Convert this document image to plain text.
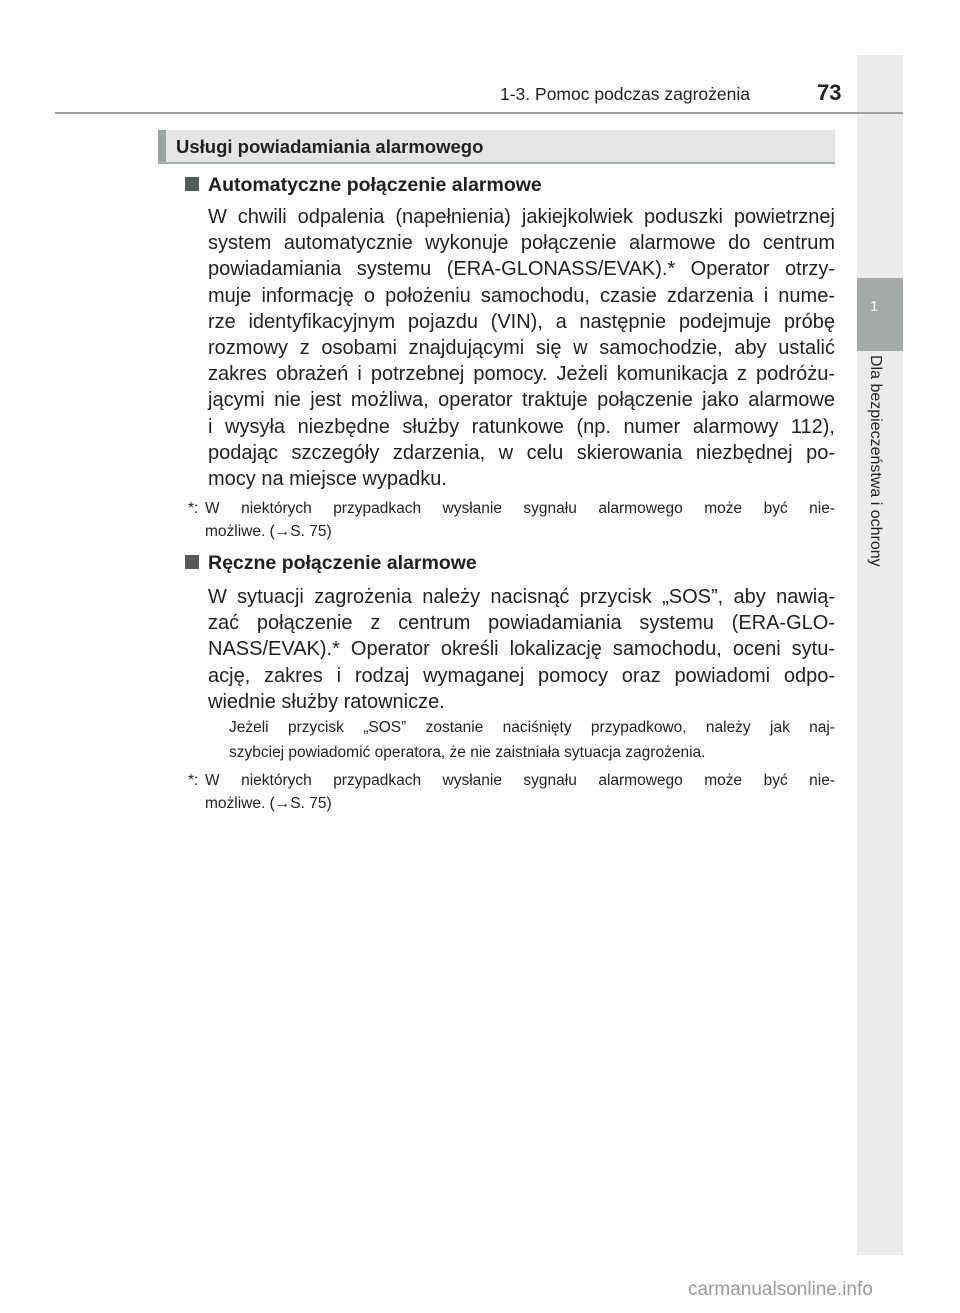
1
Dla bezpieczeństwa i ochrony
1-3. Pomoc podczas zagrożenia	73
Usługi powiadamiania alarmowego
Automatyczne połączenie alarmowe
W chwili odpalenia (napełnienia) jakiejkolwiek poduszki powietrznej
system automatycznie wykonuje połączenie alarmowe do centrum
powiadamiania systemu (ERA-GLONASS/EVAK).* Operator otrzy-
muje informację o położeniu samochodu, czasie zdarzenia i nume-
rze identyfikacyjnym pojazdu (VIN), a następnie podejmuje próbę
rozmowy z osobami znajdującymi się w samochodzie, aby ustalić
zakres obrażeń i potrzebnej pomocy. Jeżeli komunikacja z podróżu-
jącymi nie jest możliwa, operator traktuje połączenie jako alarmowe
i wysyła niezbędne służby ratunkowe (np. numer alarmowy 112),
podając szczegóły zdarzenia, w celu skierowania niezbędnej po-
mocy na miejsce wypadku.
*: W niektórych przypadkach wysłanie sygnału alarmowego może być nie-
możliwe. (→S. 75)
Ręczne połączenie alarmowe
W sytuacji zagrożenia należy nacisnąć przycisk „SOS”, aby nawią-
zać połączenie z centrum powiadamiania systemu (ERA-GLO-
NASS/EVAK).* Operator określi lokalizację samochodu, oceni sytu-
ację, zakres i rodzaj wymaganej pomocy oraz powiadomi odpo-
wiednie służby ratownicze.
Jeżeli przycisk „SOS” zostanie naciśnięty przypadkowo, należy jak naj-
szybciej powiadomić operatora, że nie zaistniała sytuacja zagrożenia.
*: W niektórych przypadkach wysłanie sygnału alarmowego może być nie-
możliwe. (→S. 75)
carmanualsonline.info
